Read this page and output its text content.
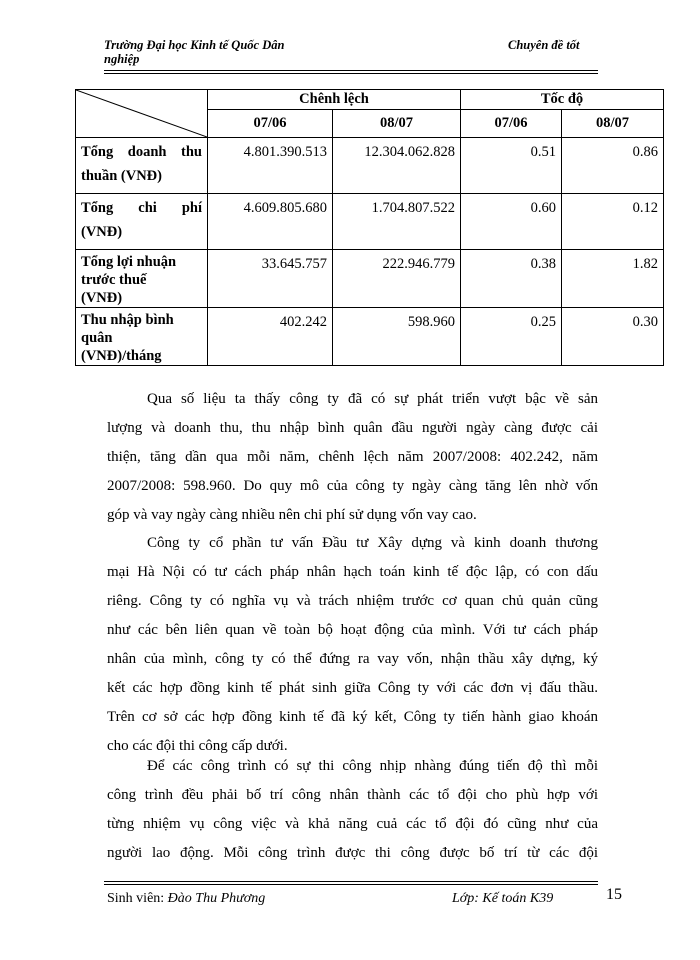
Trường Đại học Kinh tế Quốc Dân
nghiệp
Chuyên đề tốt
	Chênh lệch		Tốc độ	
	07/06	08/07	07/06	08/07

Tổng doanh thu
thuần (VNĐ)	4.801.390.513	12.304.062.828	0.51	0.86

Tổng chi phí
(VNĐ)	4.609.805.680	1.704.807.522	0.60	0.12

Tổng lợi nhuận
trước thuế
(VNĐ)	33.645.757	222.946.779	0.38	1.82

Thu nhập bình
quân
(VNĐ)/tháng	402.242	598.960	0.25	0.30
Qua số liệu ta thấy công ty đã có sự phát triển vượt bậc về sản
lượng và doanh thu, thu nhập bình quân đầu người ngày càng được cải
thiện, tăng dần qua mỗi năm, chênh lệch năm 2007/2008: 402.242, năm
2007/2008: 598.960. Do quy mô của công ty ngày càng tăng lên nhờ vốn
góp và vay ngày càng nhiều nên chi phí sử dụng vốn vay cao.
Công ty cổ phần tư vấn Đầu tư Xây dựng và kinh doanh thương
mại Hà Nội có tư cách pháp nhân hạch toán kinh tế độc lập, có con dấu
riêng. Công ty có nghĩa vụ và trách nhiệm trước cơ quan chủ quản cũng
như các bên liên quan về toàn bộ hoạt động của mình. Với tư cách pháp
nhân của mình, công ty có thể đứng ra vay vốn, nhận thầu xây dựng, ký
kết các hợp đồng kinh tế phát sinh giữa Công ty với các đơn vị đấu thầu.
Trên cơ sở các hợp đồng kinh tế đã ký kết, Công ty tiến hành giao khoán
cho các đội thi công cấp dưới.
Để các công trình có sự thi công nhịp nhàng đúng tiến độ thì mỗi
công trình đều phải bố trí công nhân thành các tổ đội cho phù hợp với
từng nhiệm vụ công việc và khả năng cuả các tổ đội đó cũng như của
người lao động. Mỗi công trình được thi công được bố trí từ các đội
Sinh viên: Đào Thu Phương	Lớp: Kế toán K39	15
